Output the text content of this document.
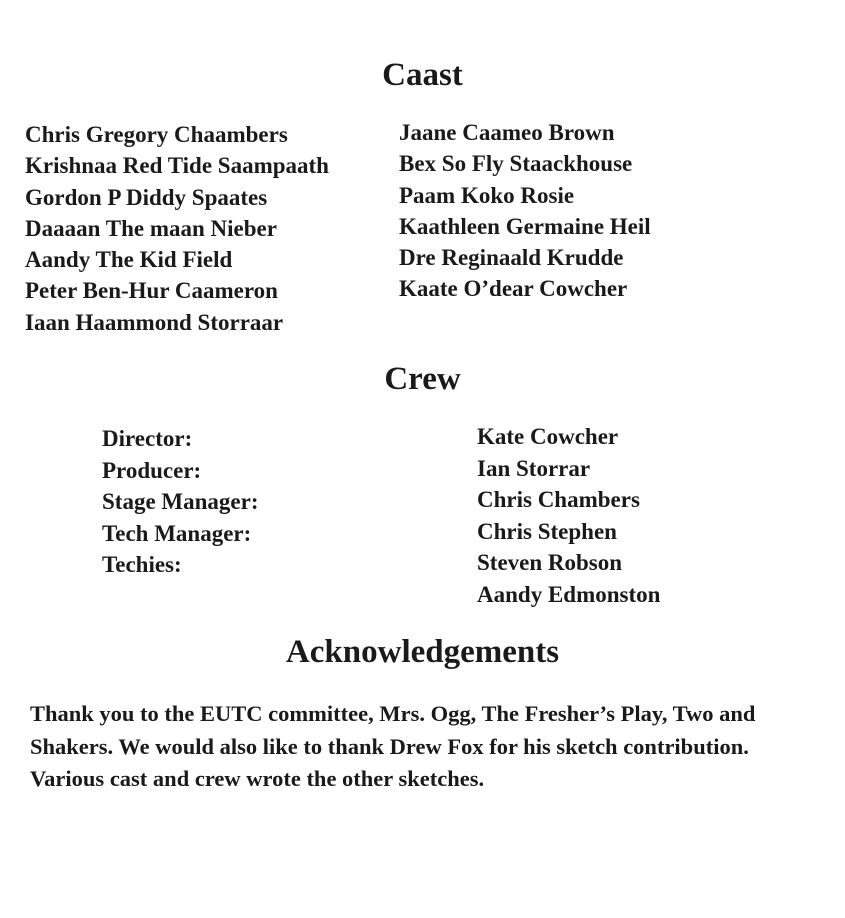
Caast
Chris Gregory Chaambers
Krishnaa Red Tide Saampaath
Gordon P Diddy Spaates
Daaaan The maan Nieber
Aandy The Kid Field
Peter Ben-Hur Caameron
Iaan Haammond Storraar
Jaane Caameo Brown
Bex So Fly Staackhouse
Paam Koko Rosie
Kaathleen Germaine Heil
Dre Reginaald Krudde
Kaate O’dear Cowcher
Crew
Director:
Producer:
Stage Manager:
Tech Manager:
Techies:
Kate Cowcher
Ian Storrar
Chris Chambers
Chris Stephen
Steven Robson
Aandy Edmonston
Acknowledgements

Thank you to the EUTC committee, Mrs. Ogg, The Fresher’s Play, Two and Shakers. We would also like to thank Drew Fox for his sketch contribution. Various cast and crew wrote the other sketches.
